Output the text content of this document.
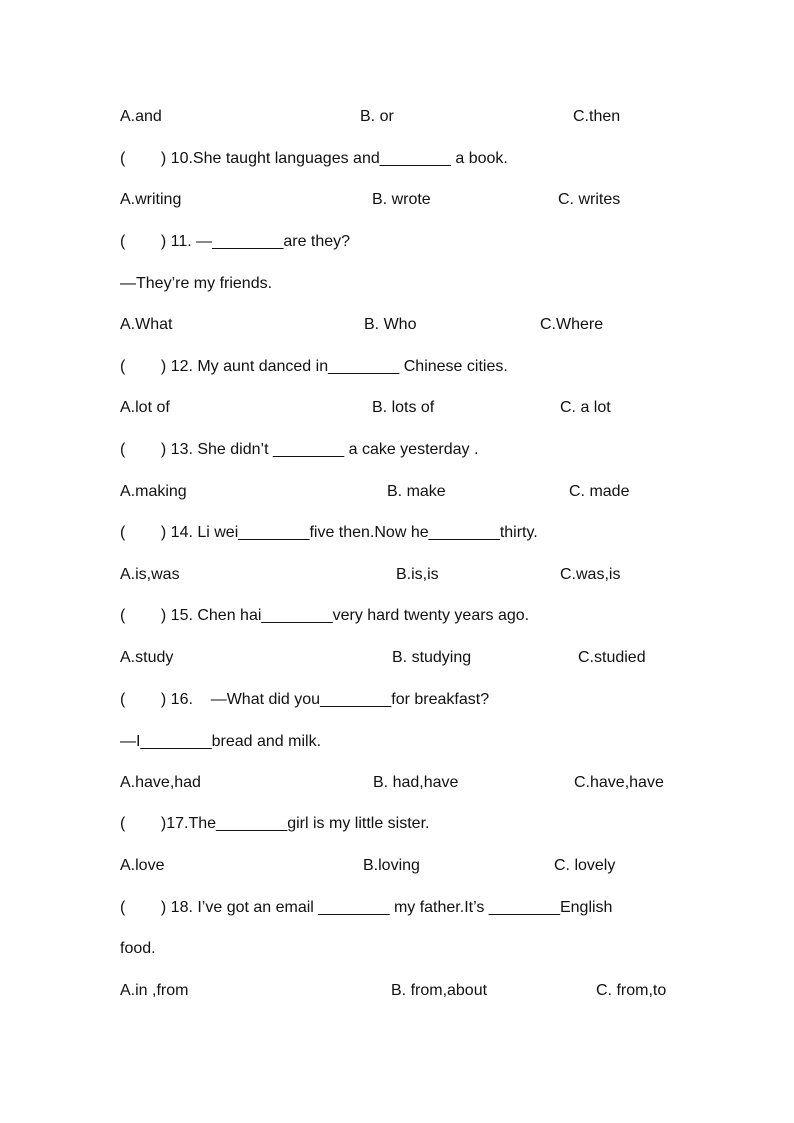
A.and	B. or	C.then
(        ) 10.She taught languages and________ a book.
A.writing	B. wrote	C. writes
(        ) 11. —________are they?
—They’re my friends.
A.What	B. Who	C.Where
(        ) 12. My aunt danced in________ Chinese cities.
A.lot of	B. lots of	C. a lot
(        ) 13. She didn’t ________ a cake yesterday .
A.making	B. make	C. made
(        ) 14. Li wei________five then.Now he________thirty.
A.is,was	B.is,is	C.was,is
(        ) 15. Chen hai________very hard twenty years ago.
A.study	B. studying	C.studied
(        ) 16.    —What did you________for breakfast?
—I________bread and milk.
A.have,had	B. had,have	C.have,have
(        )17.The________girl is my little sister.
A.love	B.loving	C. lovely
(        ) 18. I’ve got an email ________ my father.It’s ________English
food.
A.in ,from	B. from,about	C. from,to
